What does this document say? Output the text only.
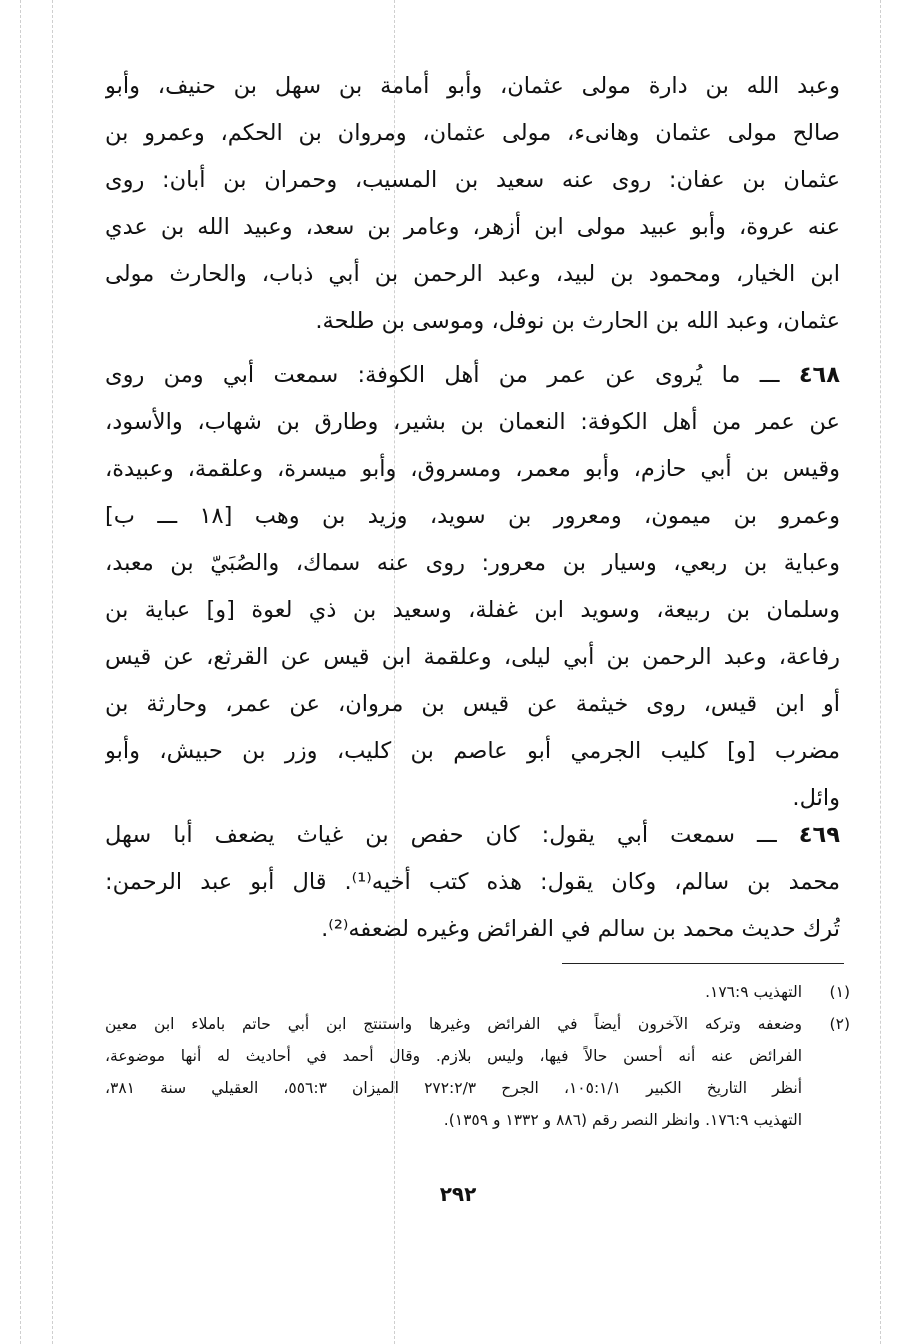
وعبد الله بن دارة مولى عثمان، وأبو أمامة بن سهل بن حنيف، وأبو
صالح مولى عثمان وهانىء، مولى عثمان، ومروان بن الحكم، وعمرو بن
عثمان بن عفان: روى عنه سعيد بن المسيب، وحمران بن أبان: روى
عنه عروة، وأبو عبيد مولى ابن أزهر، وعامر بن سعد، وعبيد الله بن عدي
ابن الخيار، ومحمود بن لبيد، وعبد الرحمن بن أبي ذباب، والحارث مولى
عثمان، وعبد الله بن الحارث بن نوفل، وموسى بن طلحة.
٤٦٨ ـــ ما يُروى عن عمر من أهل الكوفة: سمعت أبي ومن روى
عن عمر من أهل الكوفة: النعمان بن بشير، وطارق بن شهاب، والأسود،
وقيس بن أبي حازم، وأبو معمر، ومسروق، وأبو ميسرة، وعلقمة، وعبيدة،
وعمرو بن ميمون، ومعرور بن سويد، وزيد بن وهب [١٨ ـــ ب]
وعباية بن ربعي، وسيار بن معرور: روى عنه سماك، والصُبَيّ بن معبد،
وسلمان بن ربيعة، وسويد ابن غفلة، وسعيد بن ذي لعوة [و] عباية بن
رفاعة، وعبد الرحمن بن أبي ليلى، وعلقمة ابن قيس عن القرثع، عن قيس
أو ابن قيس، روى خيثمة عن قيس بن مروان، عن عمر، وحارثة بن
مضرب [و] كليب الجرمي أبو عاصم بن كليب، وزر بن حبيش، وأبو
وائل.
٤٦٩ ـــ سمعت أبي يقول: كان حفص بن غياث يضعف أبا سهل
محمد بن سالم، وكان يقول: هذه كتب أخيه⁽¹⁾. قال أبو عبد الرحمن:
تُرك حديث محمد بن سالم في الفرائض وغيره لضعفه⁽²⁾.
(١)
التهذيب ١٧٦:٩.
(٢)
وضعفه وتركه الآخرون أيضاً في الفرائض وغيرها واستنتج ابن أبي حاتم باملاء ابن معين
الفرائض عنه أنه أحسن حالاً فيها، وليس بلازم. وقال أحمد في أحاديث له أنها موضوعة،
أنظر التاريخ الكبير ١٠٥:١/١، الجرح ٢٧٢:٢/٣ الميزان ٥٥٦:٣، العقيلي سنة ٣٨١،
التهذيب ١٧٦:٩. وانظر النصر رقم (٨٨٦ و ١٣٣٢ و ١٣٥٩).
٢٩٢
